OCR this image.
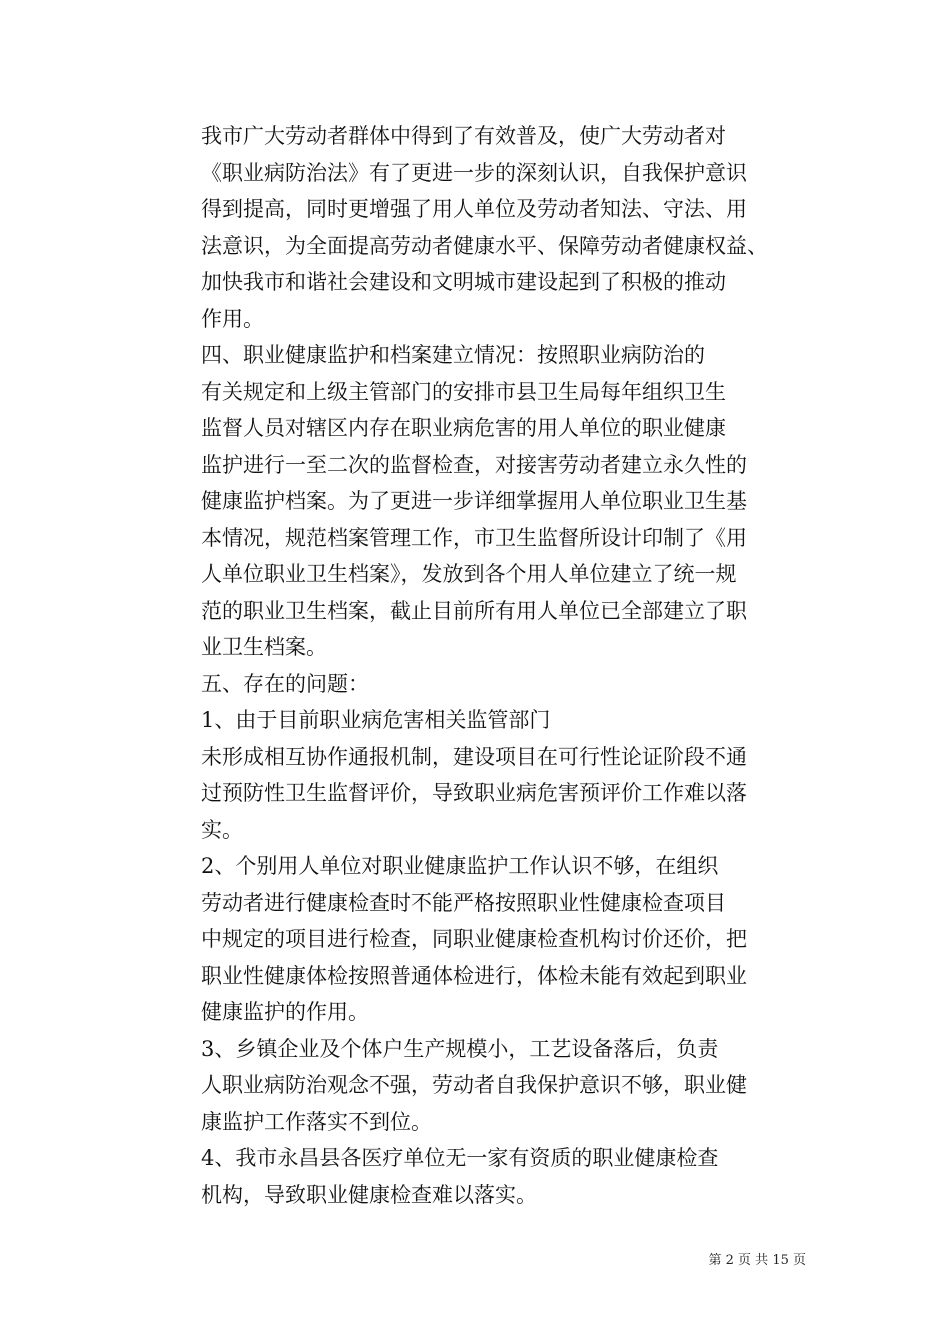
我市广大劳动者群体中得到了有效普及，使广大劳动者对
《职业病防治法》有了更进一步的深刻认识，自我保护意识
得到提高，同时更增强了用人单位及劳动者知法、守法、用
法意识，为全面提高劳动者健康水平、保障劳动者健康权益、
加快我市和谐社会建设和文明城市建设起到了积极的推动
作用。
四、职业健康监护和档案建立情况：按照职业病防治的
有关规定和上级主管部门的安排市县卫生局每年组织卫生
监督人员对辖区内存在职业病危害的用人单位的职业健康
监护进行一至二次的监督检查，对接害劳动者建立永久性的
健康监护档案。为了更进一步详细掌握用人单位职业卫生基
本情况，规范档案管理工作，市卫生监督所设计印制了《用
人单位职业卫生档案》，发放到各个用人单位建立了统一规
范的职业卫生档案，截止目前所有用人单位已全部建立了职
业卫生档案。
五、存在的问题：
1、由于目前职业病危害相关监管部门
未形成相互协作通报机制，建设项目在可行性论证阶段不通
过预防性卫生监督评价，导致职业病危害预评价工作难以落
实。
2、个别用人单位对职业健康监护工作认识不够，在组织
劳动者进行健康检查时不能严格按照职业性健康检查项目
中规定的项目进行检查，同职业健康检查机构讨价还价，把
职业性健康体检按照普通体检进行，体检未能有效起到职业
健康监护的作用。
3、乡镇企业及个体户生产规模小，工艺设备落后，负责
人职业病防治观念不强，劳动者自我保护意识不够，职业健
康监护工作落实不到位。
4、我市永昌县各医疗单位无一家有资质的职业健康检查
机构，导致职业健康检查难以落实。
第 2 页 共 15 页
